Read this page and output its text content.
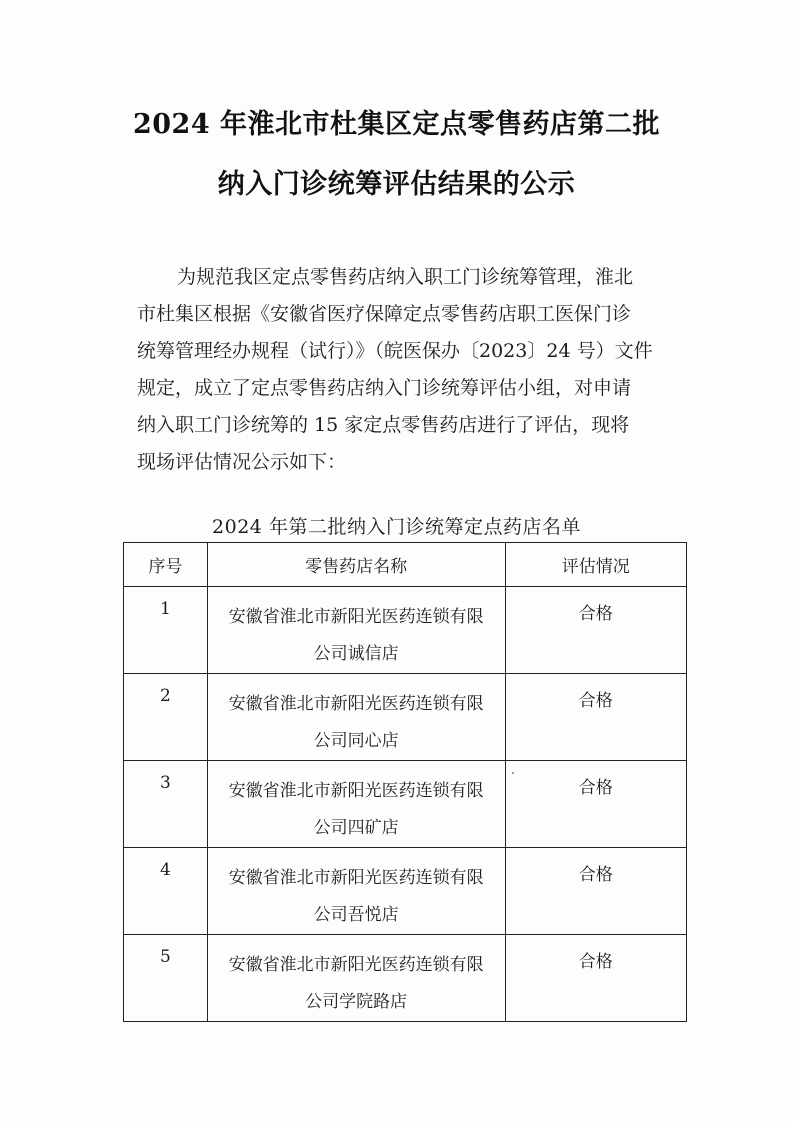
2024 年淮北市杜集区定点零售药店第二批
纳入门诊统筹评估结果的公示
为规范我区定点零售药店纳入职工门诊统筹管理，淮北
市杜集区根据《安徽省医疗保障定点零售药店职工医保门诊
统筹管理经办规程（试行）》（皖医保办〔2023〕24 号）文件
规定，成立了定点零售药店纳入门诊统筹评估小组，对申请
纳入职工门诊统筹的 15 家定点零售药店进行了评估，现将
现场评估情况公示如下：
2024 年第二批纳入门诊统筹定点药店名单
序号	零售药店名称	评估情况

1	安徽省淮北市新阳光医药连锁有限
公司诚信店	合格

2	安徽省淮北市新阳光医药连锁有限
公司同心店	合格

3	安徽省淮北市新阳光医药连锁有限
公司四矿店	合格

4	安徽省淮北市新阳光医药连锁有限
公司吾悦店	合格

5	安徽省淮北市新阳光医药连锁有限
公司学院路店	合格
